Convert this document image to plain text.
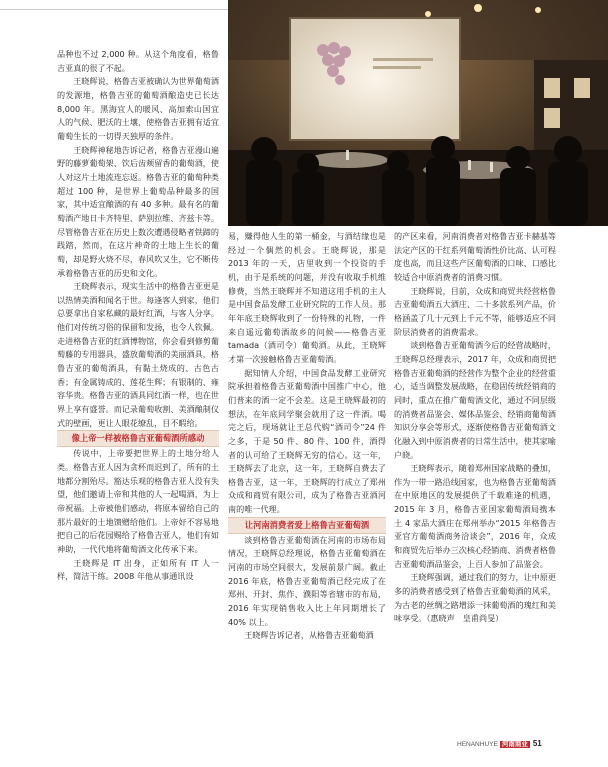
品种也不过 2,000 种。从这个角度看，格鲁吉亚真的很了不起。

王晓辉说，格鲁吉亚被确认为世界葡萄酒的发源地，格鲁吉亚的葡萄酒酿造史已长达 8,000 年。黑海宜人的暖风、高加索山国宜人的气候、肥沃的土壤，使格鲁吉亚拥有适宜葡萄生长的一切得天独厚的条件。

王晓辉神秘地告诉记者，格鲁吉亚漫山遍野的藤萝葡萄架、饮后齿颊留香的葡萄酒，使人对这片土地流连忘返。格鲁吉亚的葡萄种类超过 100 种，是世界上葡萄品种最多的国家，其中适宜酿酒的有 40 多种。最有名的葡萄酒产地日卡齐特里、萨别拉维、齐兹卡等。尽管格鲁吉亚在历史上数次遭遇侵略者铁蹄的践踏，然而，在这片神奇的土地上生长的葡萄，却是野火烧不尽，春风吹又生，它不断传承着格鲁吉亚的历史和文化。

王晓辉表示，现实生活中的格鲁吉亚更是以热情美酒和闻名于世。每逢客人到家，他们总要拿出自家私藏的最好红酒，与客人分享。他们对传统习俗的保留和发扬，也令人钦佩。走进格鲁吉亚的红酒博物馆，你会看到修剪葡萄藤的专用器具，盛放葡萄酒的美丽酒具，格鲁吉亚的葡萄酒具，有黏土烧成的、古色古香；有金属铸成的、莲花生辉；有银制的、雍容华贵。格鲁吉亚的酒具同红酒一样，也在世界上享有盛誉。而记录葡萄收割、美酒酿制仪式的壁画，更让人眼花缭乱，目不暇给。

像上帝一样被格鲁吉亚葡萄酒所感动

传说中，上帝要把世界上的土地分给人类。格鲁吉亚人因为贪杯而迟到了，所有的土地都分割殆尽。豁达乐观的格鲁吉亚人没有失望，他们邀请上帝和其他的人一起喝酒，为上帝祝福。上帝被他们感动，将原本留给自己的那片最好的土地馈赠给他们。上帝好不容易地把自己的后花园赐给了格鲁吉亚人，他们有如神助，一代代地将葡萄酒文化传承下来。

王晓辉是 IT 出身，正如所有 IT 人一样，简洁干练。2008 年他从事通讯设

易，赚得他人生的第一桶金，与酒结缘也是经过一个偶然的机会。王晓辉说，那是 2013 年的一天，店里收到一个投资的手机，由于是系统的问题，并没有收取手机维修费，当然王晓辉并不知道这用手机的主人是中国食品发酵工业研究院的工作人员。那年年底王晓辉收到了一份特殊的礼物，一件来自遥远葡萄酒故乡的问候——格鲁吉亚 tamada（酒司令）葡萄酒。从此，王晓辉才第一次接触格鲁吉亚葡萄酒。

据知情人介绍，中国食品发酵工业研究院承担着格鲁吉亚葡萄酒中国推广中心，他们普来的酒一定不会差。这是王晓辉最初的想法，在年底同学聚会就用了这一件酒。喝完之后，现场就让王总代购“酒司令”24 件之多，于是 50 件、80 件、100 件，酒得者的认可给了王晓辉无穷的信心。这一年，王晓辉去了北京，这一年，王晓辉自费去了格鲁吉亚，这一年，王晓辉的行成立了郑州众成和商贸有限公司，成为了格鲁吉亚酒河南的唯一代理。

让河南消费者爱上格鲁吉亚葡萄酒

谈到格鲁吉亚葡萄酒在河南的市场布局情况，王晓辉总经理说，格鲁吉亚葡萄酒在河南的市场空间很大，发展前景广阔。截止 2016 年底，格鲁吉亚葡萄酒已经完成了在郑州、开封、焦作、濮阳等省辖市的布局，2016 年实现销售收入比上年同期增长了 40% 以上。

王晓辉告诉记者，从格鲁吉亚葡萄酒

的产区来看，河南消费者对格鲁吉亚卡赫基等法定产区的干红系列葡萄酒性价比高、认可程度也高，而且这些产区葡萄酒的口味、口感比较适合中原消费者的消费习惯。

王晓辉说，目前，众成和商贸共经营格鲁吉亚葡萄酒五大酒庄、二十多款系列产品，价格涵盖了几十元到上千元不等，能够适应不同阶层消费者的消费需求。

谈到格鲁吉亚葡萄酒今后的经营战略时，王晓辉总经理表示，2017 年，众成和商贸把格鲁吉亚葡萄酒的经营作为整个企业的经营重心，适当调整发展战略，在稳固传统经销商的同时，重点在推广葡萄酒文化，通过不同层级的消费者品鉴会、媒体品鉴会、经销商葡萄酒知识分享会等形式，逐渐使格鲁吉亚葡萄酒文化融入到中原消费者的日常生活中，使其家喻户晓。

王晓辉表示，随着郑州国家战略的叠加，作为一带一路沿线国家，也为格鲁吉亚葡萄酒在中原地区的发展提供了千载难逢的机遇，2015 年 3 月，格鲁吉亚国家葡萄酒局携本土 4 家品大酒庄在郑州举办“2015 年格鲁吉亚官方葡萄酒商务洽谈会”，2016 年，众成和商贸先后举办三次核心经销商、消费者格鲁吉亚葡萄酒品鉴会，上百人参加了品鉴会。

王晓辉强调，通过我们的努力，让中原更多的消费者感受到了格鲁吉亚葡萄酒的风采，为古老的丝绸之路增添一抹葡萄酒的瑰红和美味享受。（惠晓声　皇甫尚旻）

HENANHUYE 河南商业 51
